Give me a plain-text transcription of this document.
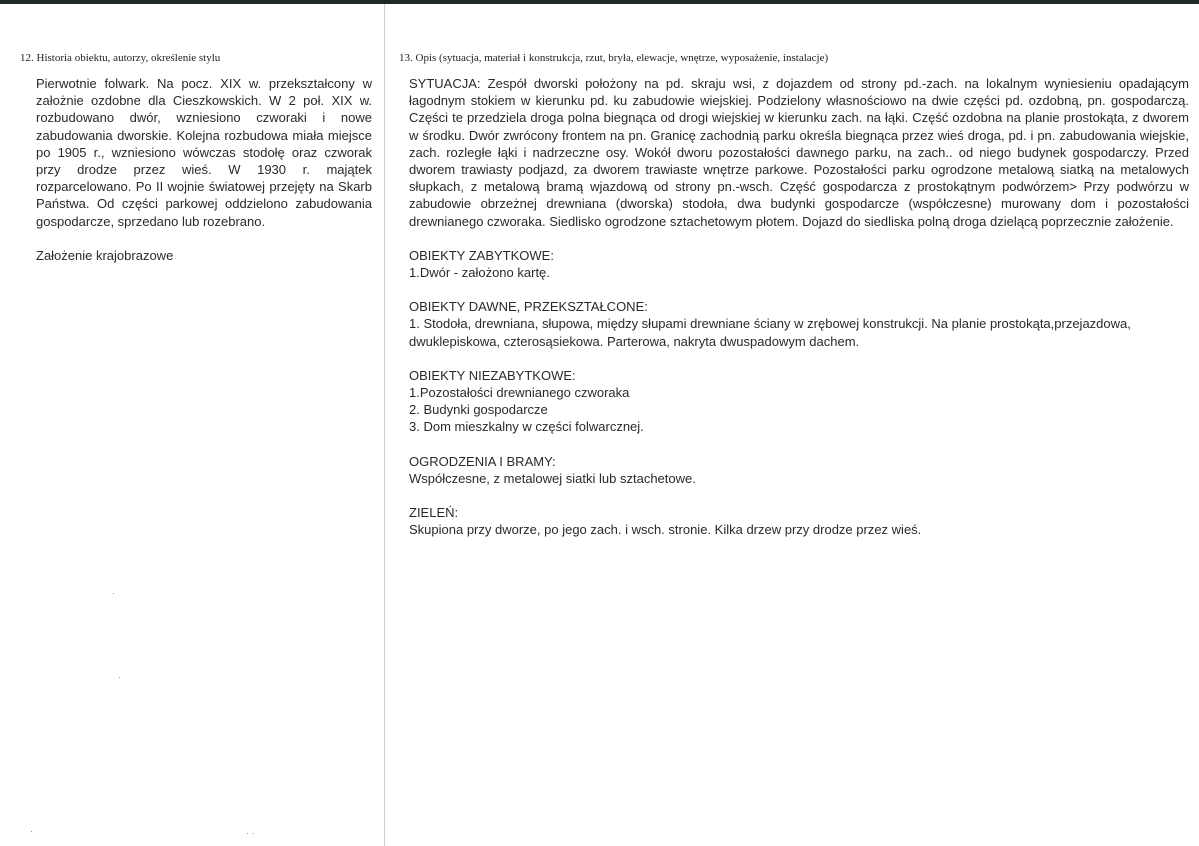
12. Historia obiektu, autorzy, określenie stylu

Pierwotnie folwark. Na pocz. XIX w. przekształcony w założnie ozdobne dla Cieszkowskich. W 2 poł. XIX w. rozbudowano dwór, wzniesiono czworaki i nowe zabudowania dworskie. Kolejna rozbudowa miała miejsce po 1905 r., wzniesiono wówczas stodołę oraz czworak przy drodze przez wieś. W 1930 r. majątek rozparcelowano. Po II wojnie światowej przejęty na Skarb Państwa. Od części parkowej oddzielono zabudowania gospodarcze, sprzedano lub rozebrano.

Założenie krajobrazowe

13. Opis (sytuacja, materiał i konstrukcja, rzut, bryła, elewacje, wnętrze, wyposażenie, instalacje)

SYTUACJA: Zespół dworski położony na pd. skraju wsi, z dojazdem od strony pd.-zach. na lokalnym wyniesieniu opadającym łagodnym stokiem w kierunku pd. ku zabudowie wiejskiej. Podzielony własnościowo na dwie części pd. ozdobną, pn. gospodarczą. Części te przedziela droga polna biegnąca od drogi wiejskiej w kierunku zach. na łąki. Część ozdobna na planie prostokąta, z dworem w środku. Dwór zwrócony frontem na pn. Granicę zachodnią parku określa biegnąca przez wieś droga, pd. i pn. zabudowania wiejskie, zach. rozległe łąki i nadrzeczne osy. Wokół dworu pozostałości dawnego parku, na zach.. od niego budynek gospodarczy. Przed dworem trawiasty podjazd, za dworem trawiaste wnętrze parkowe. Pozostałości parku ogrodzone metalową siatką na metalowych słupkach, z metalową bramą wjazdową od strony pn.-wsch. Część gospodarcza z prostokątnym podwórzem> Przy podwórzu w zabudowie obrzeżnej drewniana (dworska) stodoła, dwa budynki gospodarcze (współczesne) murowany dom i pozostałości drewnianego czworaka. Siedlisko ogrodzone sztachetowym płotem. Dojazd do siedliska polną droga dzielącą poprzecznie założenie.

OBIEKTY ZABYTKOWE:

1.Dwór - założono kartę.

OBIEKTY DAWNE, PRZEKSZTAŁCONE:

1. Stodoła, drewniana, słupowa, między słupami drewniane ściany w zrębowej konstrukcji. Na planie prostokąta,przejazdowa, dwuklepiskowa, czterosąsiekowa. Parterowa, nakryta dwuspadowym dachem.

OBIEKTY NIEZABYTKOWE:

1.Pozostałości drewnianego czworaka

2. Budynki gospodarcze

3. Dom mieszkalny w części folwarcznej.

OGRODZENIA I BRAMY:

Współczesne, z metalowej siatki lub sztachetowe.

ZIELEŃ:

Skupiona przy dworze, po jego zach. i wsch. stronie. Kilka drzew przy drodze przez wieś.

·
·
· ·
·
